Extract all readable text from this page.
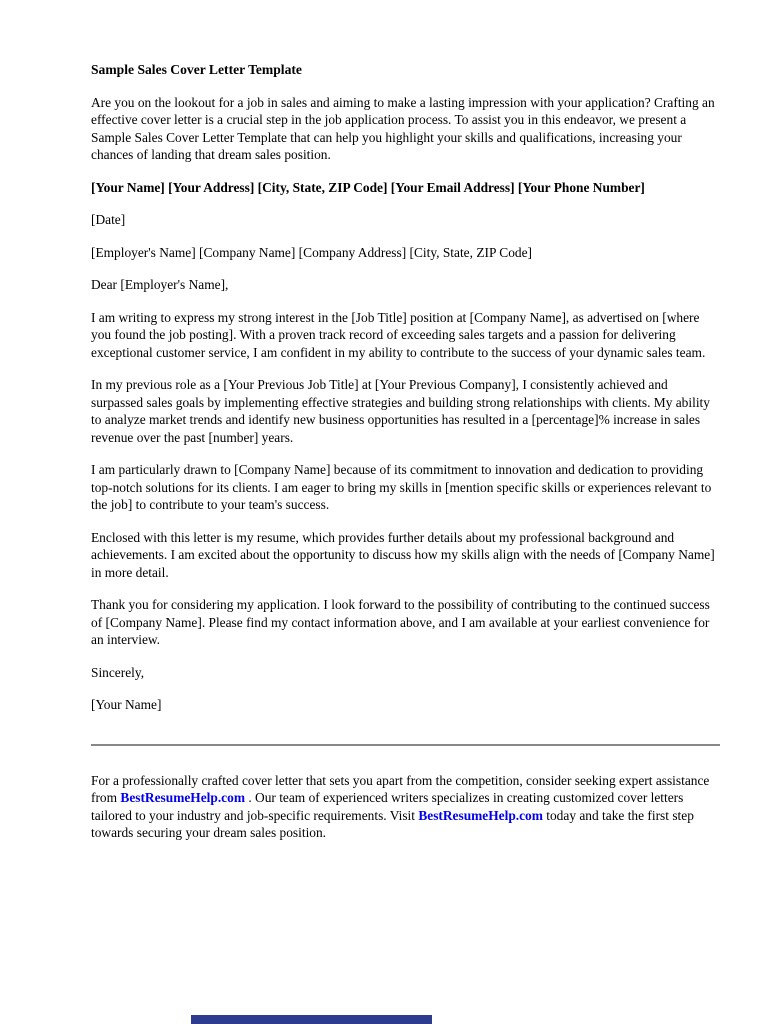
Sample Sales Cover Letter Template

Are you on the lookout for a job in sales and aiming to make a lasting impression with your application? Crafting an effective cover letter is a crucial step in the job application process. To assist you in this endeavor, we present a Sample Sales Cover Letter Template that can help you highlight your skills and qualifications, increasing your chances of landing that dream sales position.

[Your Name] [Your Address] [City, State, ZIP Code] [Your Email Address] [Your Phone Number]

[Date]

[Employer's Name] [Company Name] [Company Address] [City, State, ZIP Code]

Dear [Employer's Name],

I am writing to express my strong interest in the [Job Title] position at [Company Name], as advertised on [where you found the job posting]. With a proven track record of exceeding sales targets and a passion for delivering exceptional customer service, I am confident in my ability to contribute to the success of your dynamic sales team.

In my previous role as a [Your Previous Job Title] at [Your Previous Company], I consistently achieved and surpassed sales goals by implementing effective strategies and building strong relationships with clients. My ability to analyze market trends and identify new business opportunities has resulted in a [percentage]% increase in sales revenue over the past [number] years.

I am particularly drawn to [Company Name] because of its commitment to innovation and dedication to providing top-notch solutions for its clients. I am eager to bring my skills in [mention specific skills or experiences relevant to the job] to contribute to your team's success.

Enclosed with this letter is my resume, which provides further details about my professional background and achievements. I am excited about the opportunity to discuss how my skills align with the needs of [Company Name] in more detail.

Thank you for considering my application. I look forward to the possibility of contributing to the continued success of [Company Name]. Please find my contact information above, and I am available at your earliest convenience for an interview.

Sincerely,

[Your Name]

For a professionally crafted cover letter that sets you apart from the competition, consider seeking expert assistance from BestResumeHelp.com . Our team of experienced writers specializes in creating customized cover letters tailored to your industry and job-specific requirements. Visit BestResumeHelp.com today and take the first step towards securing your dream sales position.
